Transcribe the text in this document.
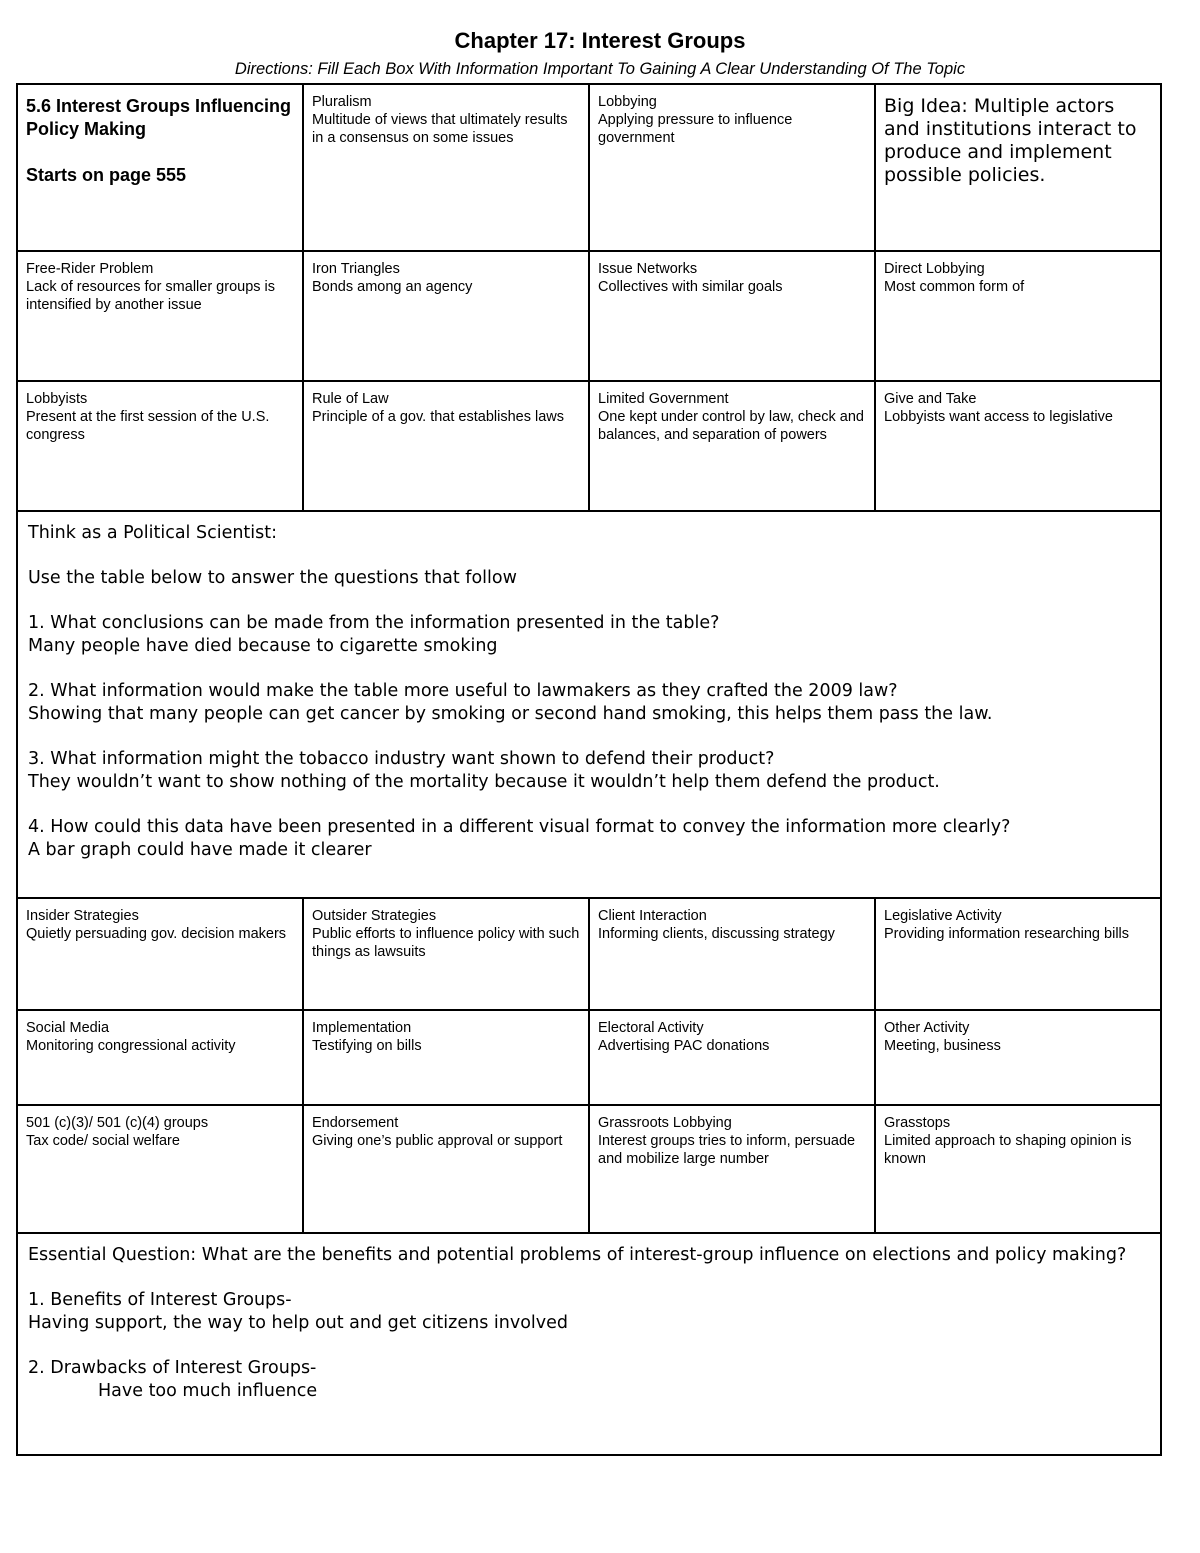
Chapter 17: Interest Groups
Directions: Fill Each Box With Information Important To Gaining A Clear Understanding Of The Topic
5.6 Interest Groups Influencing Policy Making
Starts on page 555
Pluralism
Multitude of views that ultimately results in a consensus on some issues
Lobbying
Applying pressure to influence government
Big Idea: Multiple actors and institutions interact to produce and implement possible policies.
Free-Rider Problem
Lack of resources for smaller groups is intensified by another issue
Iron Triangles
Bonds among an agency
Issue Networks
Collectives with similar goals
Direct Lobbying
Most common form of
Lobbyists
Present at the first session of the U.S. congress
Rule of Law
Principle of a gov. that establishes laws
Limited Government
One kept under control by law, check and balances, and separation of powers
Give and Take
Lobbyists want access to legislative

Think as a Political Scientist:

Use the table below to answer the questions that follow

1. What conclusions can be made from the information presented in the table?

Many people have died because to cigarette smoking

2. What information would make the table more useful to lawmakers as they crafted the 2009 law?

Showing that many people can get cancer by smoking or second hand smoking, this helps them pass the law.

3. What information might the tobacco industry want shown to defend their product?

They wouldn’t want to show nothing of the mortality because it wouldn’t help them defend the product.

4. How could this data have been presented in a different visual format to convey the information more clearly?

A bar graph could have made it clearer

Insider Strategies
Quietly persuading gov. decision makers
Outsider Strategies
Public efforts to influence policy with such things as lawsuits
Client Interaction
Informing clients, discussing strategy
Legislative Activity
Providing information researching bills
Social Media
Monitoring congressional activity
Implementation
Testifying on bills
Electoral Activity
Advertising PAC donations
Other Activity
Meeting, business
501 (c)(3)/ 501 (c)(4) groups
Tax code/ social welfare
Endorsement
Giving one’s public approval or support
Grassroots Lobbying
Interest groups tries to inform, persuade and mobilize large number
Grasstops
Limited approach to shaping opinion is known

Essential Question: What are the benefits and potential problems of interest-group influence on elections and policy making?

1. Benefits of Interest Groups-

Having support, the way to help out and get citizens involved

2. Drawbacks of Interest Groups-

Have too much influence
